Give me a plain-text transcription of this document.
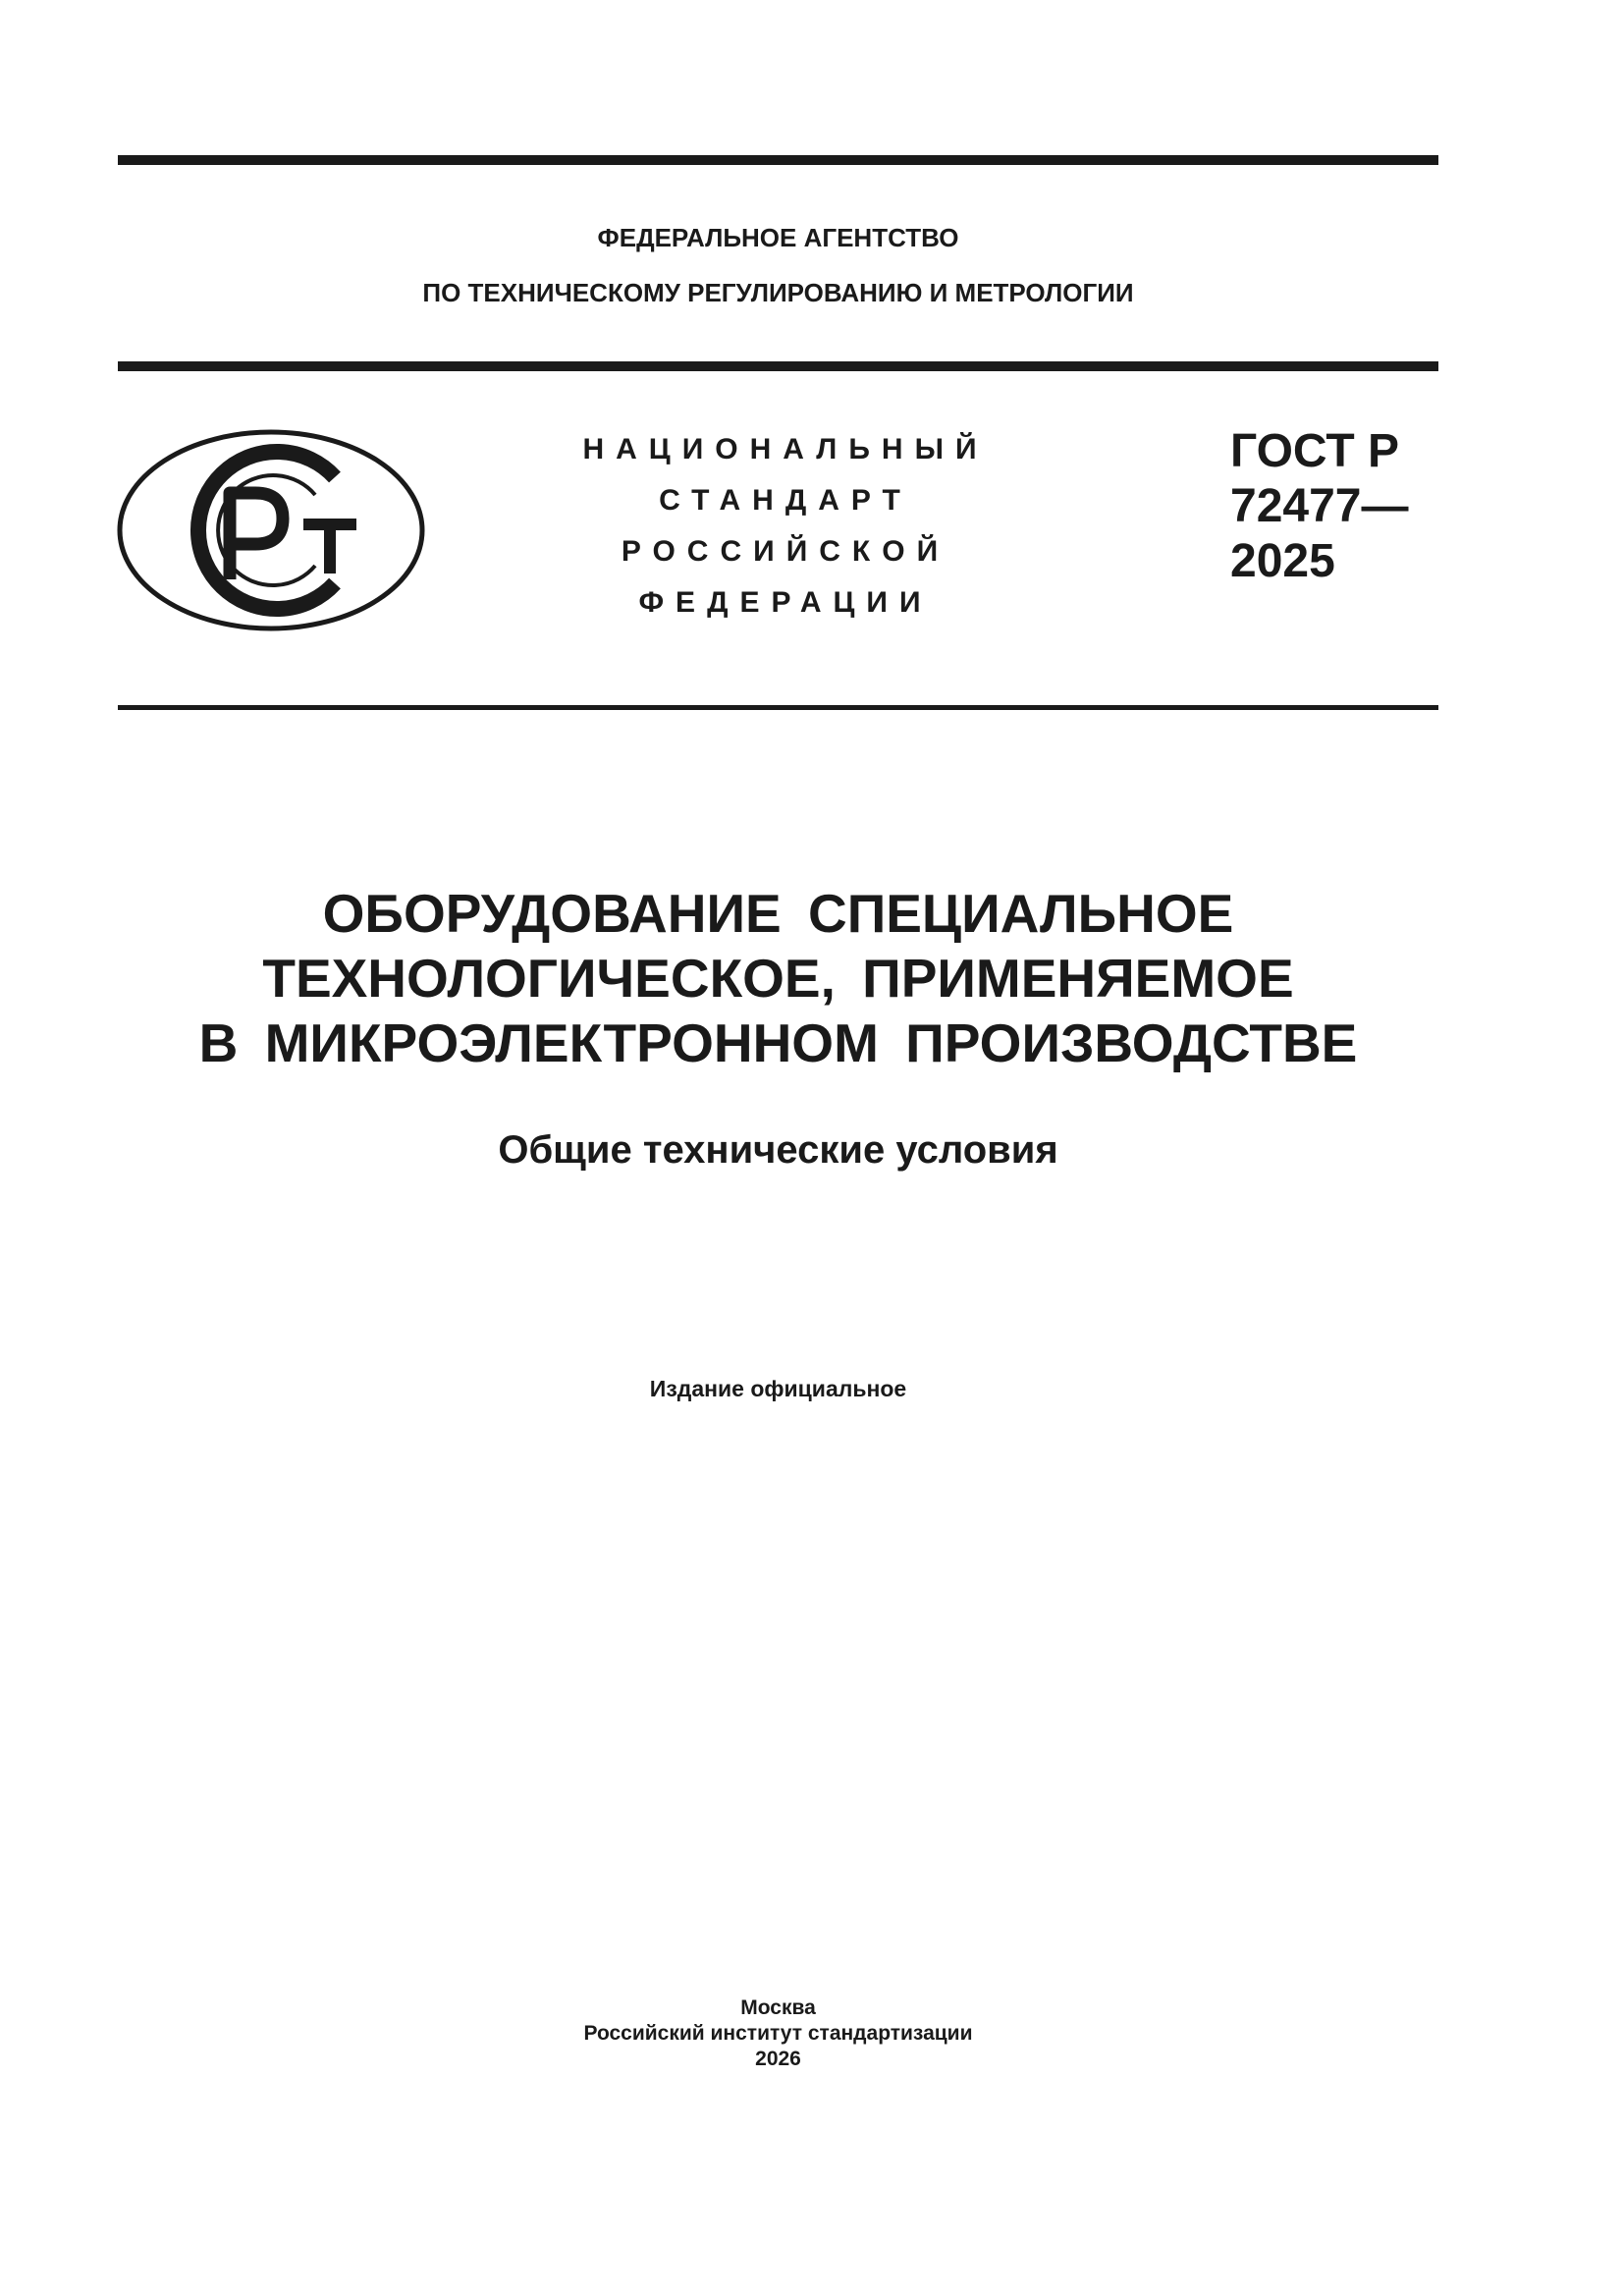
ФЕДЕРАЛЬНОЕ АГЕНТСТВО
ПО ТЕХНИЧЕСКОМУ РЕГУЛИРОВАНИЮ И МЕТРОЛОГИИ
НАЦИОНАЛЬНЫЙ
СТАНДАРТ
РОССИЙСКОЙ
ФЕДЕРАЦИИ
ГОСТ Р
72477—
2025
ОБОРУДОВАНИЕ СПЕЦИАЛЬНОЕ
ТЕХНОЛОГИЧЕСКОЕ, ПРИМЕНЯЕМОЕ
В МИКРОЭЛЕКТРОННОМ ПРОИЗВОДСТВЕ
Общие технические условия
Издание официальное
Москва
Российский институт стандартизации
2026
